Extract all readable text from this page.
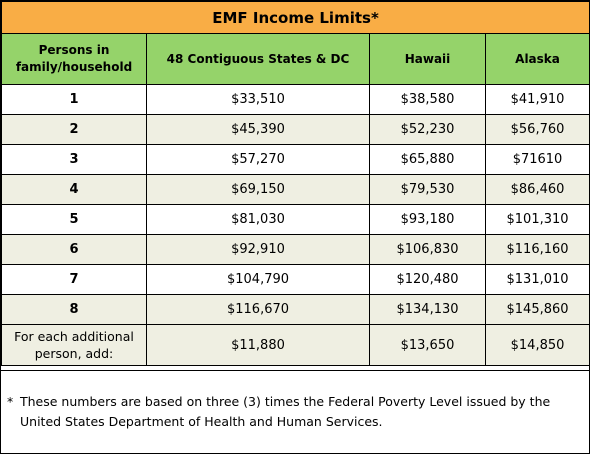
EMF Income Limits*			
Persons in family/household	48 Contiguous States & DC	Hawaii	Alaska
1	$33,510	$38,580	$41,910
2	$45,390	$52,230	$56,760
3	$57,270	$65,880	$71610
4	$69,150	$79,530	$86,460
5	$81,030	$93,180	$101,310
6	$92,910	$106,830	$116,160
7	$104,790	$120,480	$131,010
8	$116,670	$134,130	$145,860
For each additional person, add:	$11,880	$13,650	$14,850
* These numbers are based on three (3) times the Federal Poverty Level issued by the United States Department of Health and Human Services.
